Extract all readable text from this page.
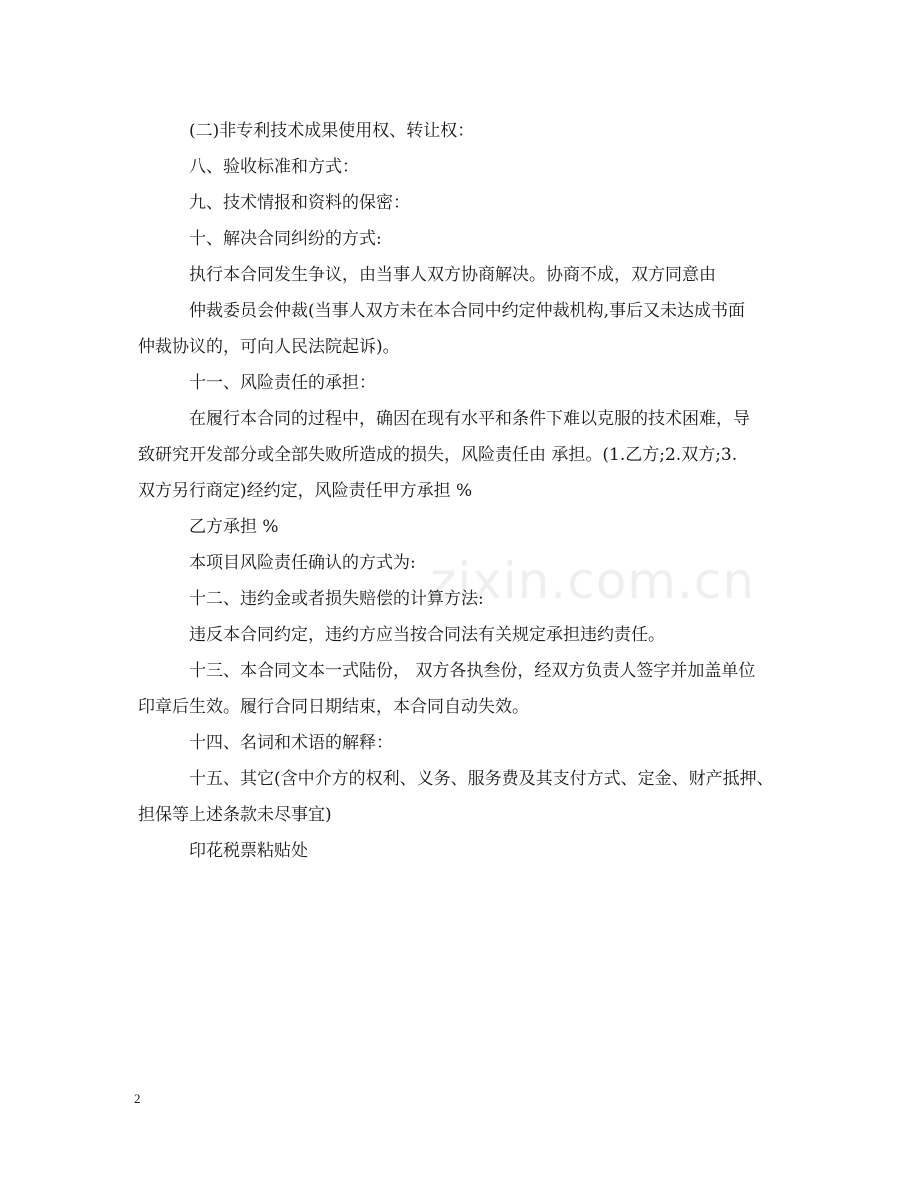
(二)非专利技术成果使用权、转让权：
八、验收标准和方式：
九、技术情报和资料的保密：
十、解决合同纠纷的方式:
执行本合同发生争议，由当事人双方协商解决。协商不成，双方同意由
仲裁委员会仲裁(当事人双方未在本合同中约定仲裁机构,事后又未达成书面
仲裁协议的，可向人民法院起诉)。
十一、风险责任的承担：
在履行本合同的过程中，确因在现有水平和条件下难以克服的技术困难，导
致研究开发部分或全部失败所造成的损失，风险责任由 承担。(1.乙方;2.双方;3.
双方另行商定)经约定，风险责任甲方承担 %
乙方承担 %
本项目风险责任确认的方式为:
十二、违约金或者损失赔偿的计算方法:
违反本合同约定，违约方应当按合同法有关规定承担违约责任。
十三、本合同文本一式陆份， 双方各执叁份，经双方负责人签字并加盖单位
印章后生效。履行合同日期结束，本合同自动失效。
十四、名词和术语的解释：
十五、其它(含中介方的权利、义务、服务费及其支付方式、定金、财产抵押、
担保等上述条款未尽事宜)
印花税票粘贴处
zixin.com.cn
2
